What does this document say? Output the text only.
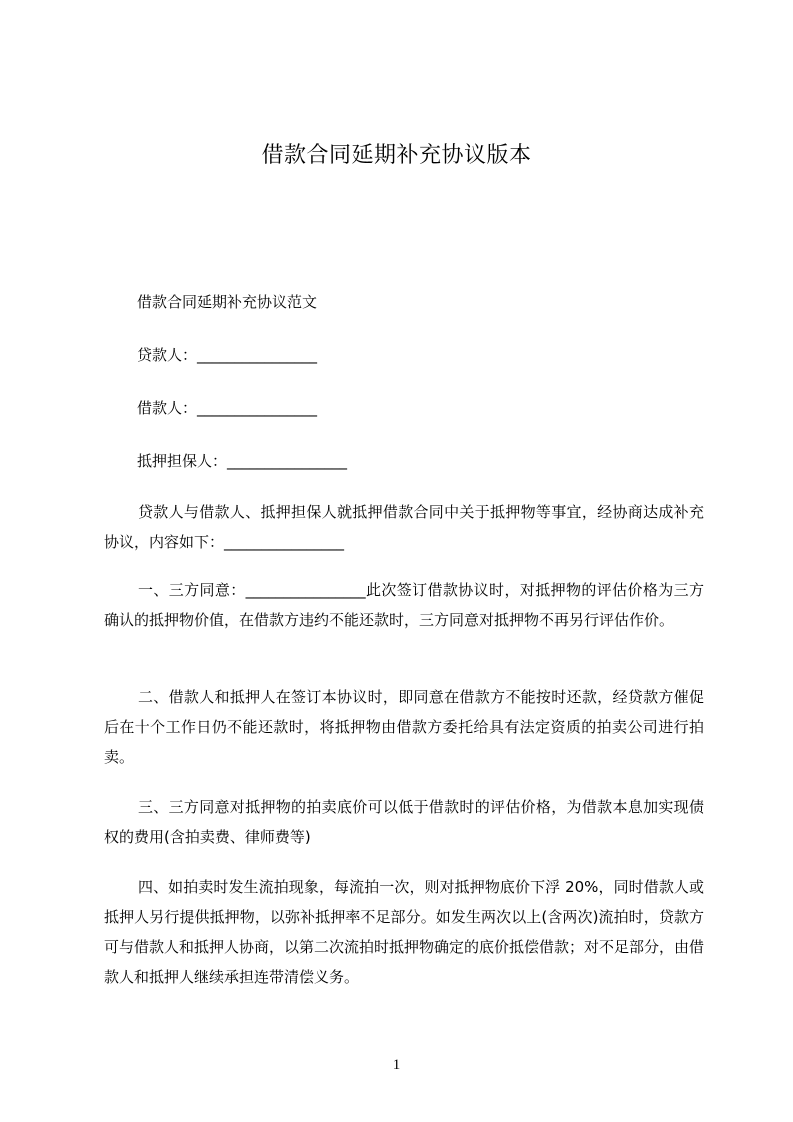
借款合同延期补充协议版本
借款合同延期补充协议范文
贷款人：________________
借款人：________________
抵押担保人：________________
贷款人与借款人、抵押担保人就抵押借款合同中关于抵押物等事宜，经协商达成补充协议，内容如下：________________
一、三方同意：________________此次签订借款协议时，对抵押物的评估价格为三方确认的抵押物价值，在借款方违约不能还款时，三方同意对抵押物不再另行评估作价。
二、借款人和抵押人在签订本协议时，即同意在借款方不能按时还款，经贷款方催促后在十个工作日仍不能还款时，将抵押物由借款方委托给具有法定资质的拍卖公司进行拍卖。
三、三方同意对抵押物的拍卖底价可以低于借款时的评估价格，为借款本息加实现债权的费用(含拍卖费、律师费等)
四、如拍卖时发生流拍现象，每流拍一次，则对抵押物底价下浮 20%，同时借款人或抵押人另行提供抵押物，以弥补抵押率不足部分。如发生两次以上(含两次)流拍时，贷款方可与借款人和抵押人协商，以第二次流拍时抵押物确定的底价抵偿借款；对不足部分，由借款人和抵押人继续承担连带清偿义务。
1
